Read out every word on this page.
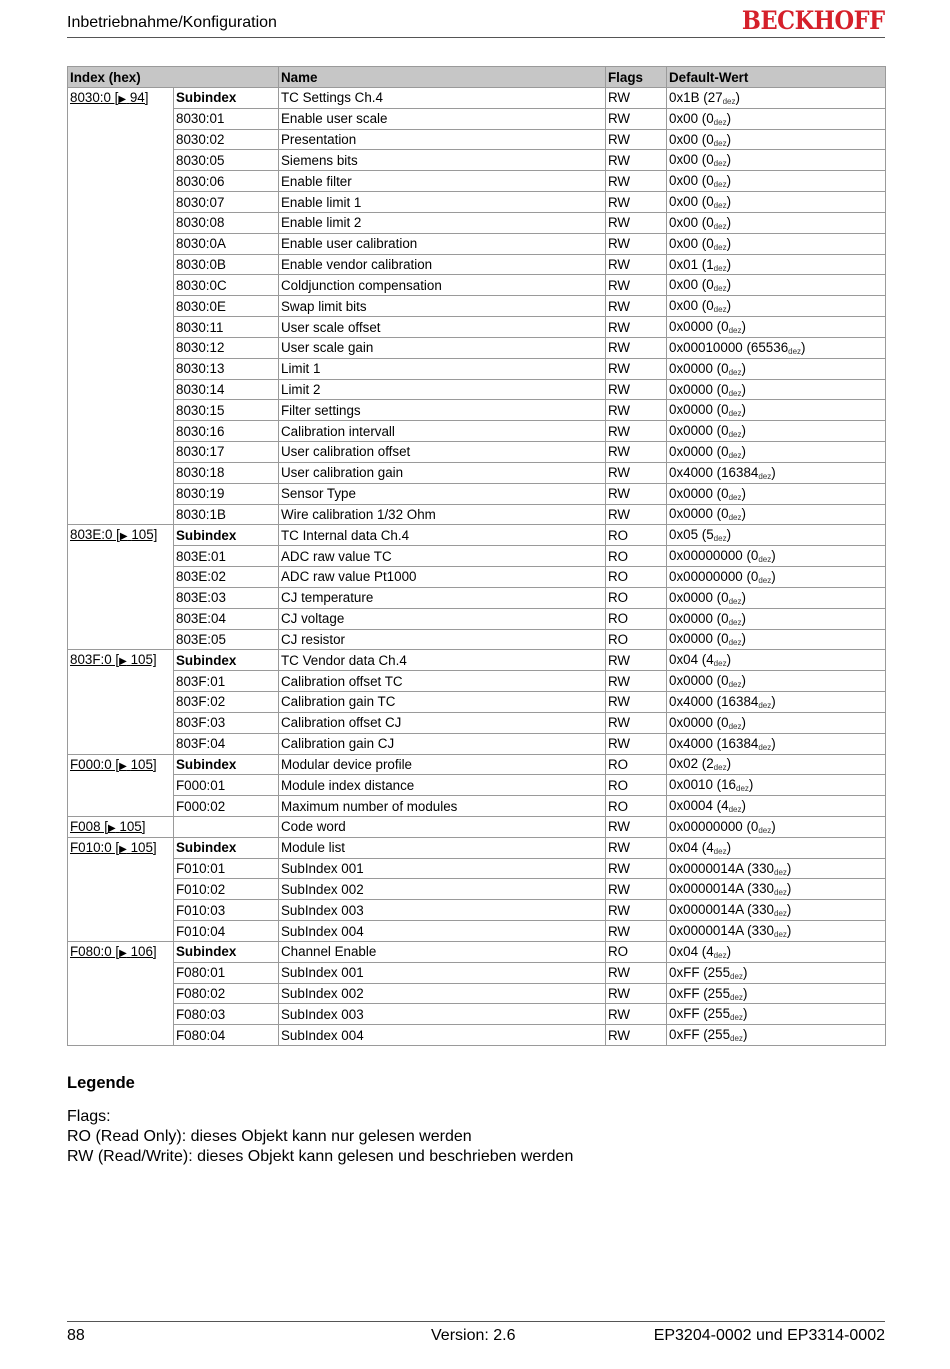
Inbetriebnahme/Konfiguration	BECKHOFF
Index (hex)		Name	Flags	Default-Wert
8030:0 [▶ 94]	Subindex	TC Settings Ch.4	RW	0x1B $(27_{dez})$
	8030:01	Enable user scale	RW	0x00 $(0_{dez})$
	8030:02	Presentation	RW	0x00 $(0_{dez})$
	8030:05	Siemens bits	RW	0x00 $(0_{dez})$
	8030:06	Enable filter	RW	0x00 $(0_{dez})$
	8030:07	Enable limit 1	RW	0x00 $(0_{dez})$
	8030:08	Enable limit 2	RW	0x00 $(0_{dez})$
	8030:0A	Enable user calibration	RW	0x00 $(0_{dez})$
	8030:0B	Enable vendor calibration	RW	0x01 $(1_{dez})$
	8030:0C	Coldjunction compensation	RW	0x00 $(0_{dez})$
	8030:0E	Swap limit bits	RW	0x00 $(0_{dez})$
	8030:11	User scale offset	RW	0x0000 $(0_{dez})$
	8030:12	User scale gain	RW	0x00010000 $(65536_{dez})$
	8030:13	Limit 1	RW	0x0000 $(0_{dez})$
	8030:14	Limit 2	RW	0x0000 $(0_{dez})$
	8030:15	Filter settings	RW	0x0000 $(0_{dez})$
	8030:16	Calibration intervall	RW	0x0000 $(0_{dez})$
	8030:17	User calibration offset	RW	0x0000 $(0_{dez})$
	8030:18	User calibration gain	RW	0x4000 $(16384_{dez})$
	8030:19	Sensor Type	RW	0x0000 $(0_{dez})$
	8030:1B	Wire calibration 1/32 Ohm	RW	0x0000 $(0_{dez})$
803E:0 [▶ 105]	Subindex	TC Internal data Ch.4	RO	0x05 $(5_{dez})$
	803E:01	ADC raw value TC	RO	0x00000000 $(0_{dez})$
	803E:02	ADC raw value Pt1000	RO	0x00000000 $(0_{dez})$
	803E:03	CJ temperature	RO	0x0000 $(0_{dez})$
	803E:04	CJ voltage	RO	0x0000 $(0_{dez})$
	803E:05	CJ resistor	RO	0x0000 $(0_{dez})$
803F:0 [▶ 105]	Subindex	TC Vendor data Ch.4	RW	0x04 $(4_{dez})$
	803F:01	Calibration offset TC	RW	0x0000 $(0_{dez})$
	803F:02	Calibration gain TC	RW	0x4000 $(16384_{dez})$
	803F:03	Calibration offset CJ	RW	0x0000 $(0_{dez})$
	803F:04	Calibration gain CJ	RW	0x4000 $(16384_{dez})$
F000:0 [▶ 105]	Subindex	Modular device profile	RO	0x02 $(2_{dez})$
	F000:01	Module index distance	RO	0x0010 $(16_{dez})$
	F000:02	Maximum number of modules	RO	0x0004 $(4_{dez})$
F008 [▶ 105]		Code word	RW	0x00000000 $(0_{dez})$
F010:0 [▶ 105]	Subindex	Module list	RW	0x04 $(4_{dez})$
	F010:01	SubIndex 001	RW	0x0000014A $(330_{dez})$
	F010:02	SubIndex 002	RW	0x0000014A $(330_{dez})$
	F010:03	SubIndex 003	RW	0x0000014A $(330_{dez})$
	F010:04	SubIndex 004	RW	0x0000014A $(330_{dez})$
F080:0 [▶ 106]	Subindex	Channel Enable	RO	0x04 $(4_{dez})$
	F080:01	SubIndex 001	RW	0xFF $(255_{dez})$
	F080:02	SubIndex 002	RW	0xFF $(255_{dez})$
	F080:03	SubIndex 003	RW	0xFF $(255_{dez})$
	F080:04	SubIndex 004	RW	0xFF $(255_{dez})$
Legende
Flags:
RO (Read Only): dieses Objekt kann nur gelesen werden
RW (Read/Write): dieses Objekt kann gelesen und beschrieben werden
88	Version: 2.6	EP3204-0002 und EP3314-0002
